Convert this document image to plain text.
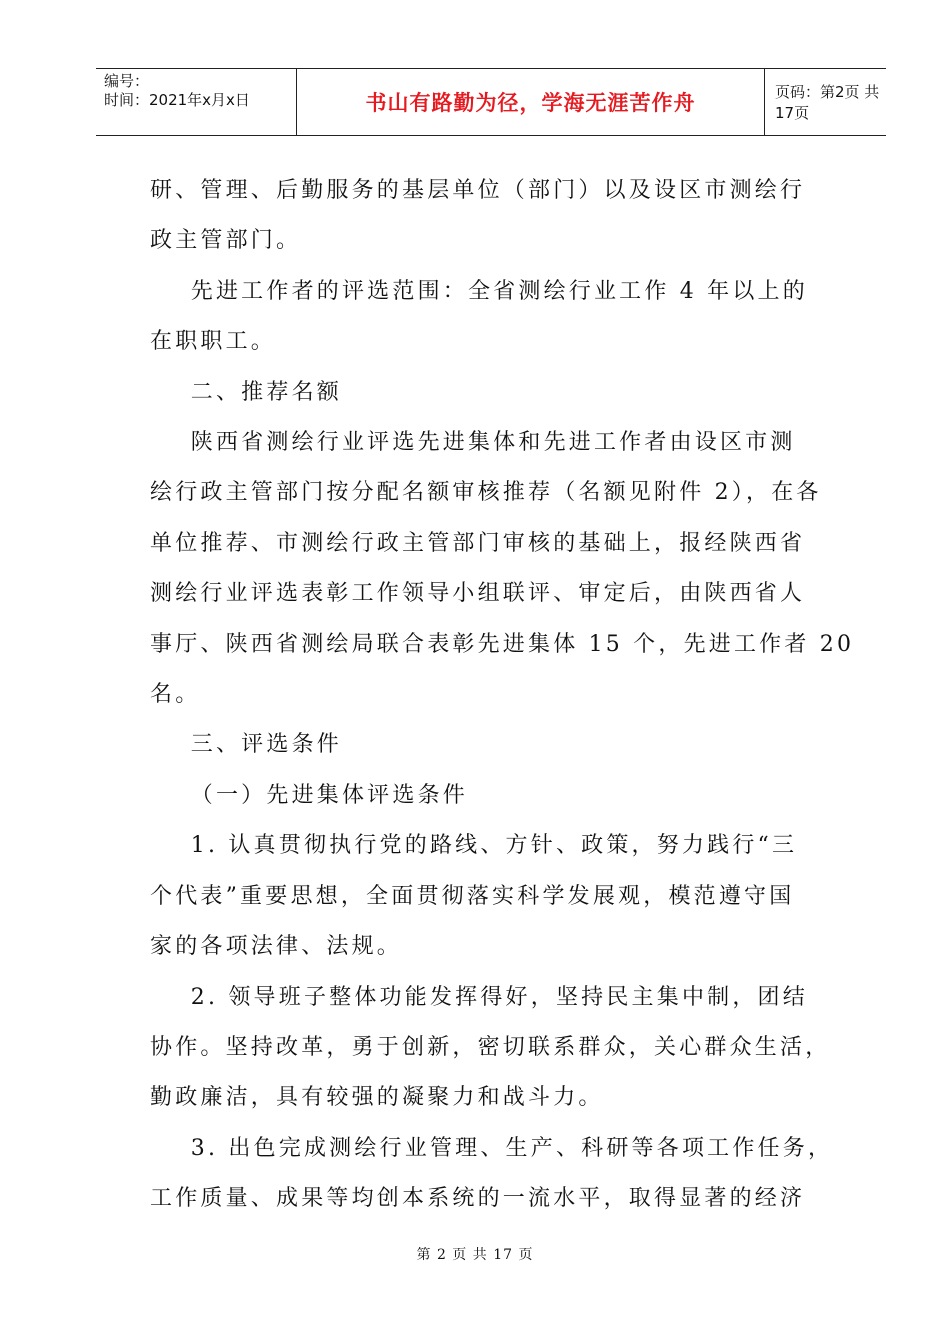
编号：
时间：2021年x月x日	书山有路勤为径，学海无涯苦作舟	页码：第2页 共17页

研、管理、后勤服务的基层单位（部门）以及设区市测绘行

政主管部门。

先进工作者的评选范围：全省测绘行业工作 4 年以上的

在职职工。

二、推荐名额

陕西省测绘行业评选先进集体和先进工作者由设区市测

绘行政主管部门按分配名额审核推荐（名额见附件 2），在各

单位推荐、市测绘行政主管部门审核的基础上，报经陕西省

测绘行业评选表彰工作领导小组联评、审定后，由陕西省人

事厅、陕西省测绘局联合表彰先进集体 15 个，先进工作者 20

名。

三、评选条件

（一）先进集体评选条件

1. 认真贯彻执行党的路线、方针、政策，努力践行“三

个代表”重要思想，全面贯彻落实科学发展观，模范遵守国

家的各项法律、法规。

2. 领导班子整体功能发挥得好，坚持民主集中制，团结

协作。坚持改革，勇于创新，密切联系群众，关心群众生活，

勤政廉洁，具有较强的凝聚力和战斗力。

3. 出色完成测绘行业管理、生产、科研等各项工作任务，

工作质量、成果等均创本系统的一流水平，取得显著的经济

第 2 页 共 17 页
